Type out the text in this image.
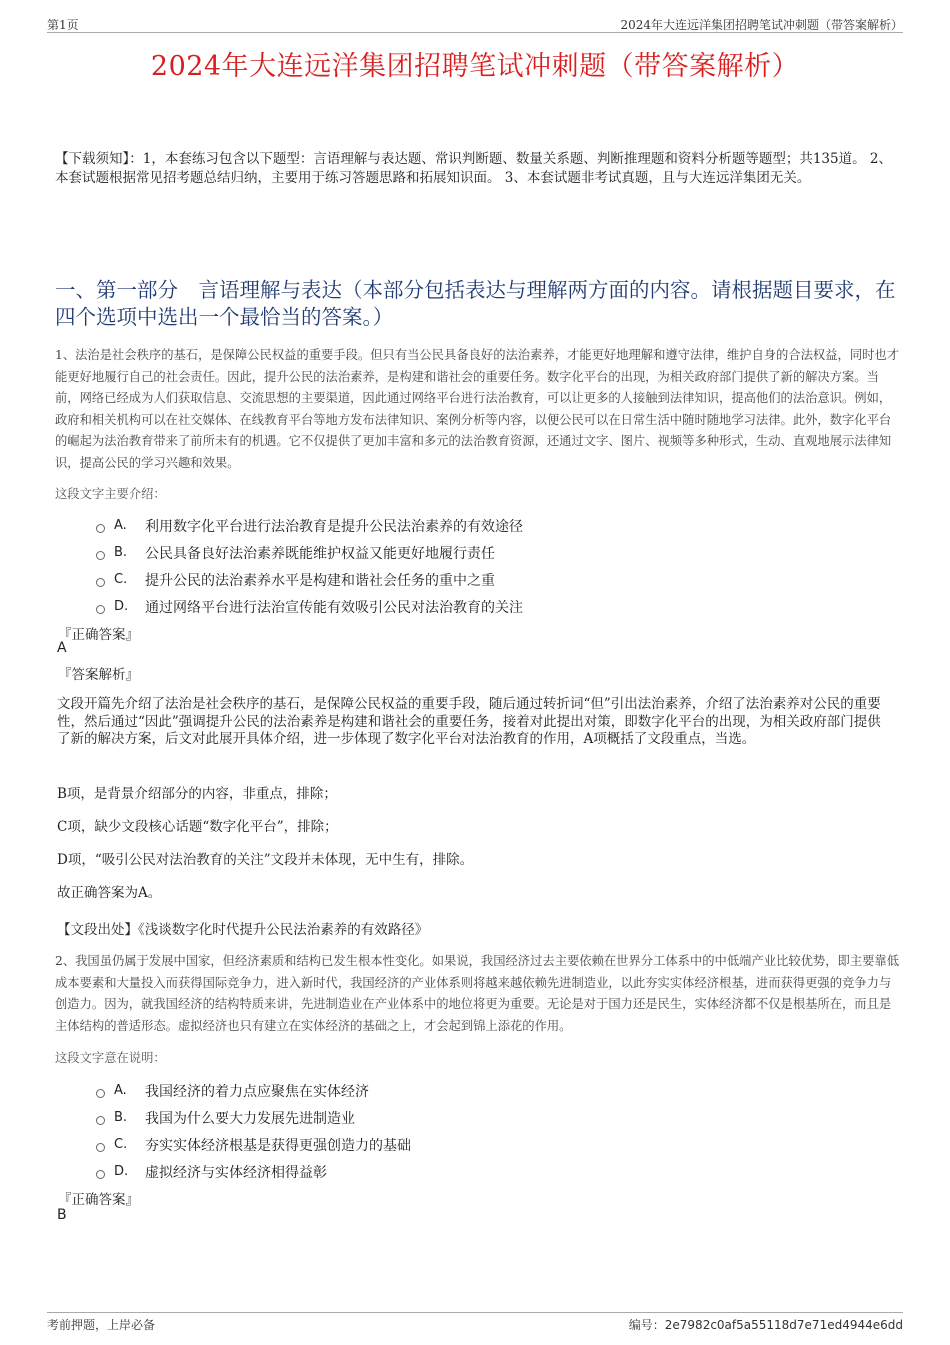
第1页	2024年大连远洋集团招聘笔试冲刺题（带答案解析）
2024年大连远洋集团招聘笔试冲刺题（带答案解析）
【下载须知】：1，本套练习包含以下题型：言语理解与表达题、常识判断题、数量关系题、判断推理题和资料分析题等题型；共135道。 2、本套试题根据常见招考题总结归纳，主要用于练习答题思路和拓展知识面。 3、本套试题非考试真题，且与大连远洋集团无关。
一、第一部分　言语理解与表达（本部分包括表达与理解两方面的内容。请根据题目要求，在四个选项中选出一个最恰当的答案。）
1、法治是社会秩序的基石，是保障公民权益的重要手段。但只有当公民具备良好的法治素养，才能更好地理解和遵守法律，维护自身的合法权益，同时也才能更好地履行自己的社会责任。因此，提升公民的法治素养，是构建和谐社会的重要任务。数字化平台的出现，为相关政府部门提供了新的解决方案。当前，网络已经成为人们获取信息、交流思想的主要渠道，因此通过网络平台进行法治教育，可以让更多的人接触到法律知识，提高他们的法治意识。例如，政府和相关机构可以在社交媒体、在线教育平台等地方发布法律知识、案例分析等内容，以便公民可以在日常生活中随时随地学习法律。此外，数字化平台的崛起为法治教育带来了前所未有的机遇。它不仅提供了更加丰富和多元的法治教育资源，还通过文字、图片、视频等多种形式，生动、直观地展示法律知识，提高公民的学习兴趣和效果。
这段文字主要介绍：
A.	利用数字化平台进行法治教育是提升公民法治素养的有效途径
B.	公民具备良好法治素养既能维护权益又能更好地履行责任
C.	提升公民的法治素养水平是构建和谐社会任务的重中之重
D.	通过网络平台进行法治宣传能有效吸引公民对法治教育的关注
『正确答案』
A
『答案解析』
文段开篇先介绍了法治是社会秩序的基石，是保障公民权益的重要手段，随后通过转折词“但”引出法治素养，介绍了法治素养对公民的重要性，然后通过“因此”强调提升公民的法治素养是构建和谐社会的重要任务，接着对此提出对策，即数字化平台的出现，为相关政府部门提供了新的解决方案，后文对此展开具体介绍，进一步体现了数字化平台对法治教育的作用，A项概括了文段重点，当选。
B项，是背景介绍部分的内容，非重点，排除；
C项，缺少文段核心话题“数字化平台”，排除；
D项，“吸引公民对法治教育的关注”文段并未体现，无中生有，排除。
故正确答案为A。
【文段出处】《浅谈数字化时代提升公民法治素养的有效路径》
2、我国虽仍属于发展中国家，但经济素质和结构已发生根本性变化。如果说，我国经济过去主要依赖在世界分工体系中的中低端产业比较优势，即主要靠低成本要素和大量投入而获得国际竞争力，进入新时代，我国经济的产业体系则将越来越依赖先进制造业，以此夯实实体经济根基，进而获得更强的竞争力与创造力。因为，就我国经济的结构特质来讲，先进制造业在产业体系中的地位将更为重要。无论是对于国力还是民生，实体经济都不仅是根基所在，而且是主体结构的普适形态。虚拟经济也只有建立在实体经济的基础之上，才会起到锦上添花的作用。
这段文字意在说明：
A.	我国经济的着力点应聚焦在实体经济
B.	我国为什么要大力发展先进制造业
C.	夯实实体经济根基是获得更强创造力的基础
D.	虚拟经济与实体经济相得益彰
『正确答案』
B
考前押题，上岸必备	编号：2e7982c0af5a55118d7e71ed4944e6dd
